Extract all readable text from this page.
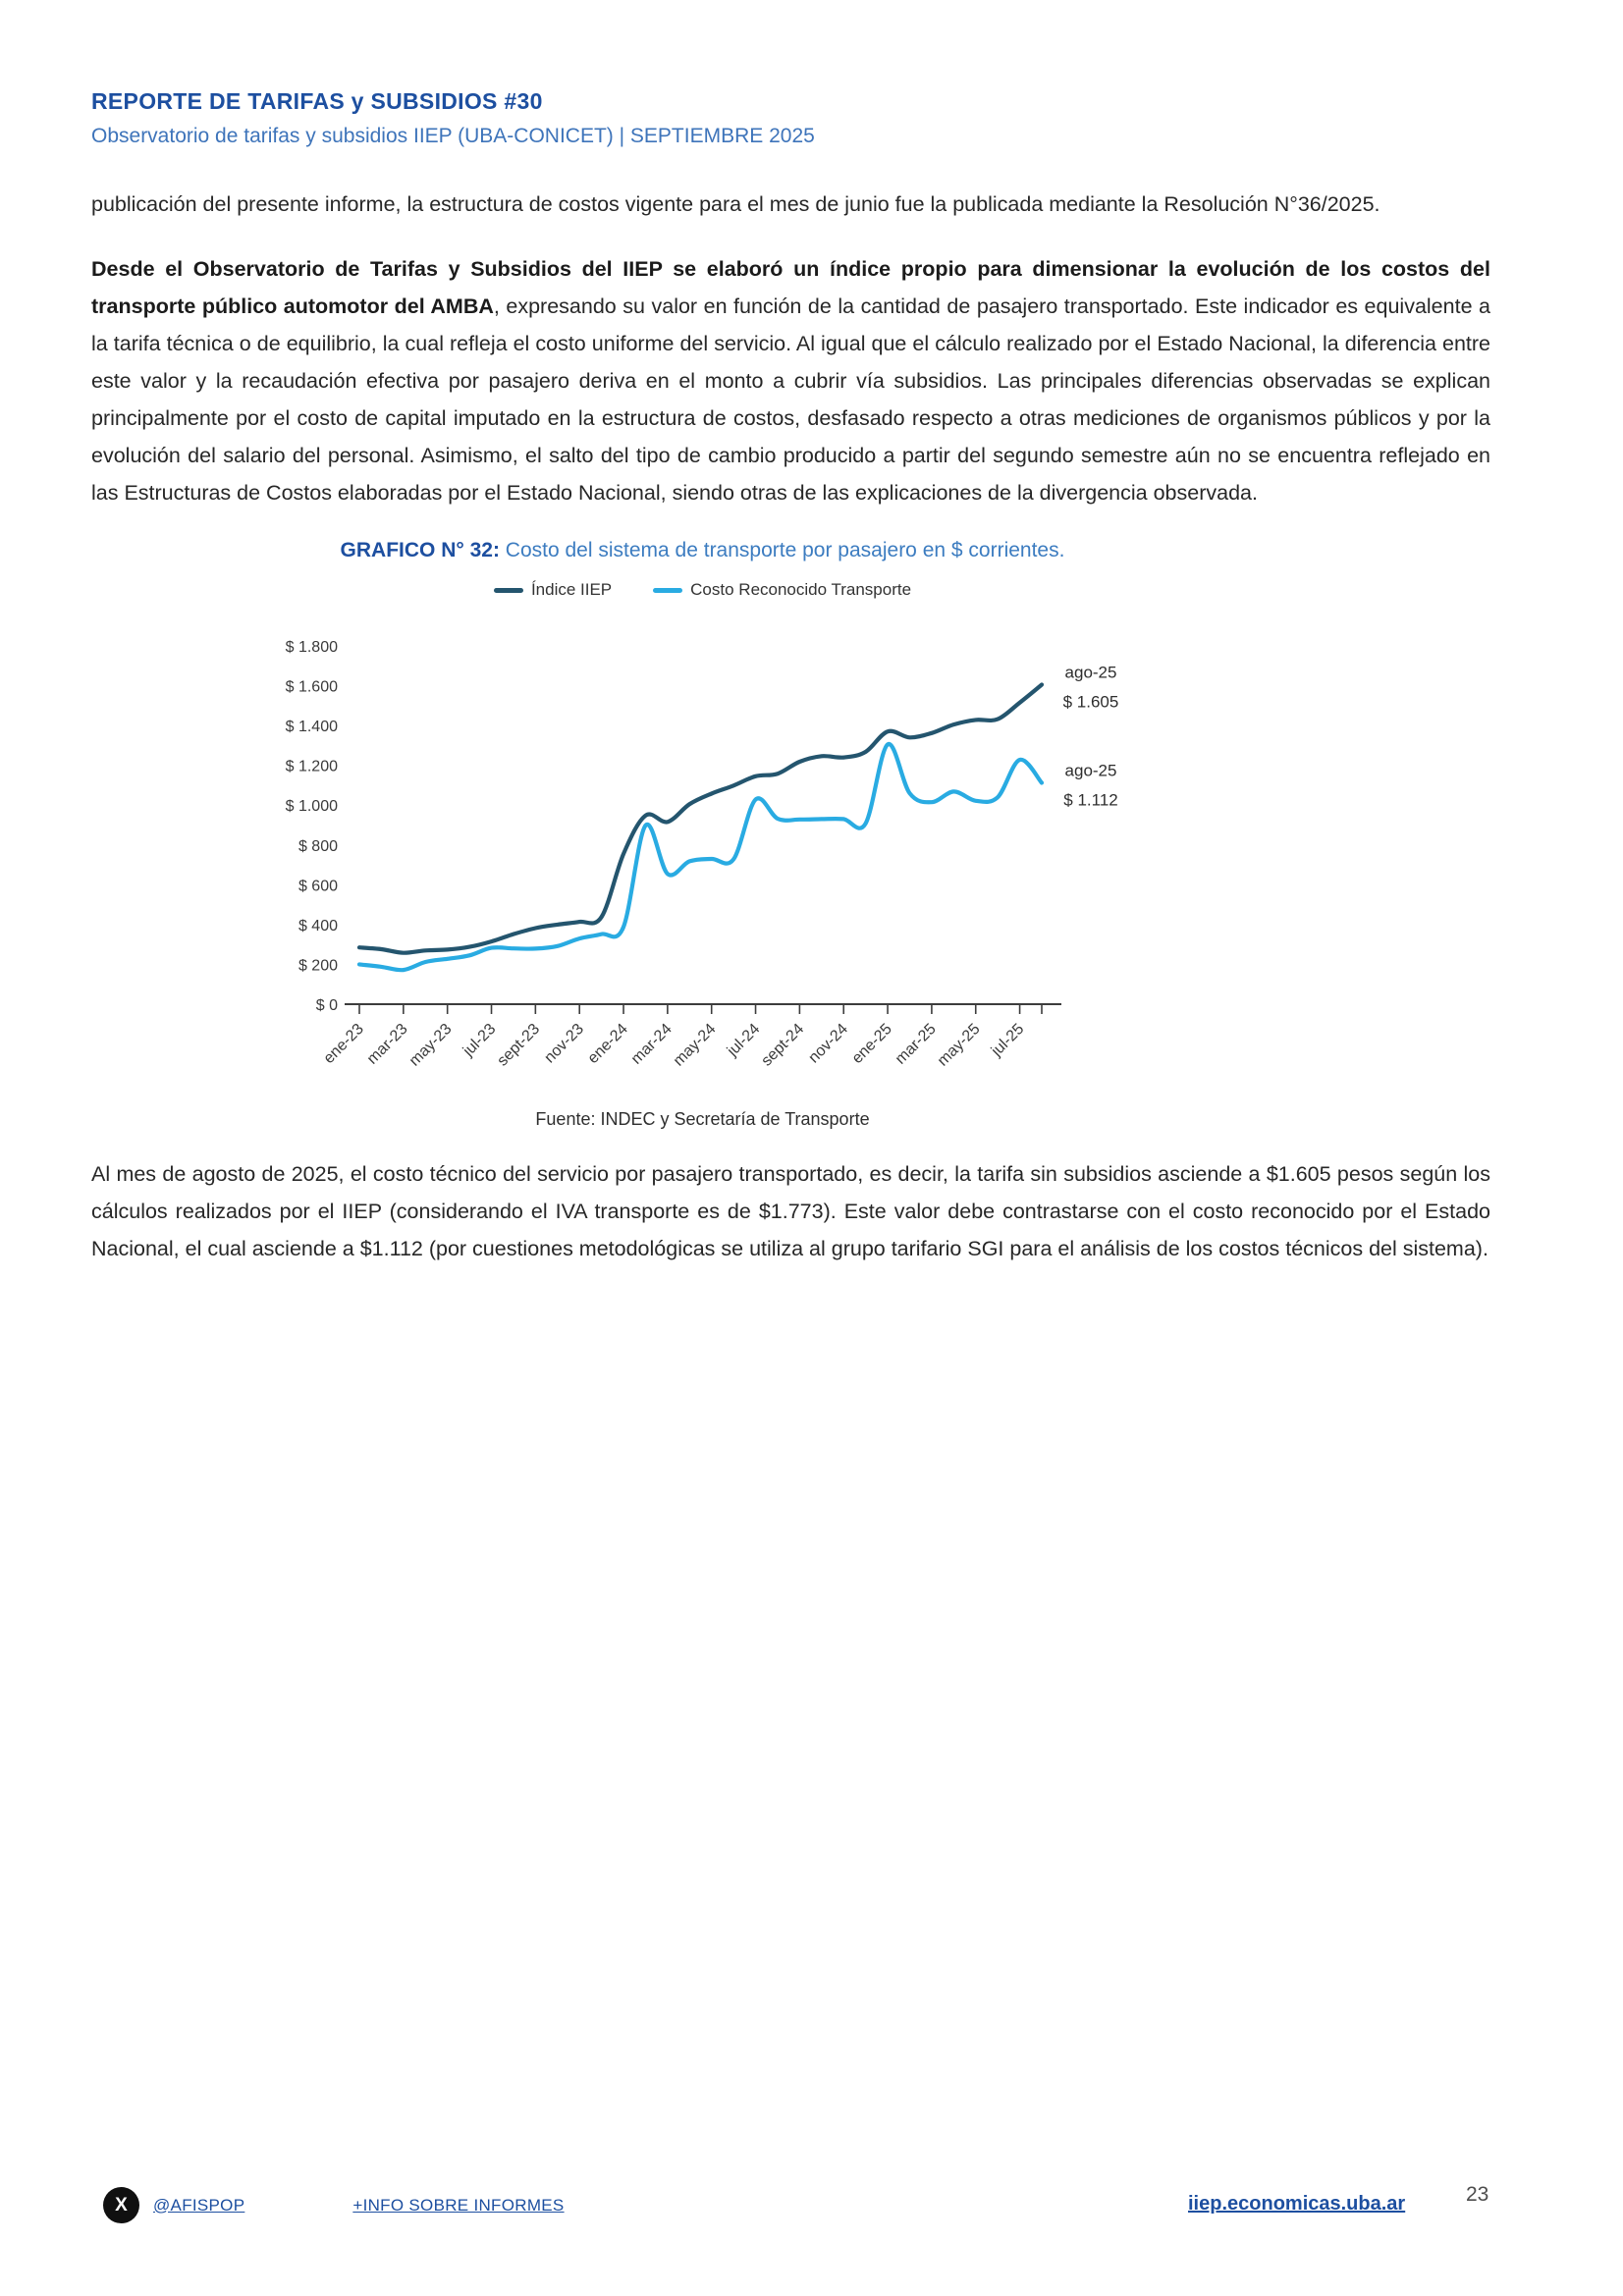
REPORTE DE TARIFAS y SUBSIDIOS #30
Observatorio de tarifas y subsidios IIEP (UBA-CONICET) | SEPTIEMBRE 2025

publicación del presente informe, la estructura de costos vigente para el mes de junio fue la publicada mediante la Resolución N°36/2025.

Desde el Observatorio de Tarifas y Subsidios del IIEP se elaboró un índice propio para dimensionar la evolución de los costos del transporte público automotor del AMBA, expresando su valor en función de la cantidad de pasajero transportado. Este indicador es equivalente a la tarifa técnica o de equilibrio, la cual refleja el costo uniforme del servicio. Al igual que el cálculo realizado por el Estado Nacional, la diferencia entre este valor y la recaudación efectiva por pasajero deriva en el monto a cubrir vía subsidios. Las principales diferencias observadas se explican principalmente por el costo de capital imputado en la estructura de costos, desfasado respecto a otras mediciones de organismos públicos y por la evolución del salario del personal. Asimismo, el salto del tipo de cambio producido a partir del segundo semestre aún no se encuentra reflejado en las Estructuras de Costos elaboradas por el Estado Nacional, siendo otras de las explicaciones de la divergencia observada.

GRAFICO N° 32: Costo del sistema de transporte por pasajero en $ corrientes.
Índice IIEP	Costo Reconocido Transporte
$ 0
$ 200
$ 400
$ 600
$ 800
$ 1.000
$ 1.200
$ 1.400
$ 1.600
$ 1.800
ene-23
mar-23
may-23 jul-23
sept-23
nov-23
ene-24
mar-24
may-24 jul-24
sept-24
nov-24
ene-25
mar-25
may-25 jul-25
ago-25
$ 1.605
ago-25
$ 1.112
Fuente: INDEC y Secretaría de Transporte

Al mes de agosto de 2025, el costo técnico del servicio por pasajero transportado, es decir, la tarifa sin subsidios asciende a $1.605 pesos según los cálculos realizados por el IIEP (considerando el IVA transporte es de $1.773). Este valor debe contrastarse con el costo reconocido por el Estado Nacional, el cual asciende a $1.112 (por cuestiones metodológicas se utiliza al grupo tarifario SGI para el análisis de los costos técnicos del sistema).

X	@AFISPOP	+INFO SOBRE INFORMES	iiep.economicas.uba.ar	23
